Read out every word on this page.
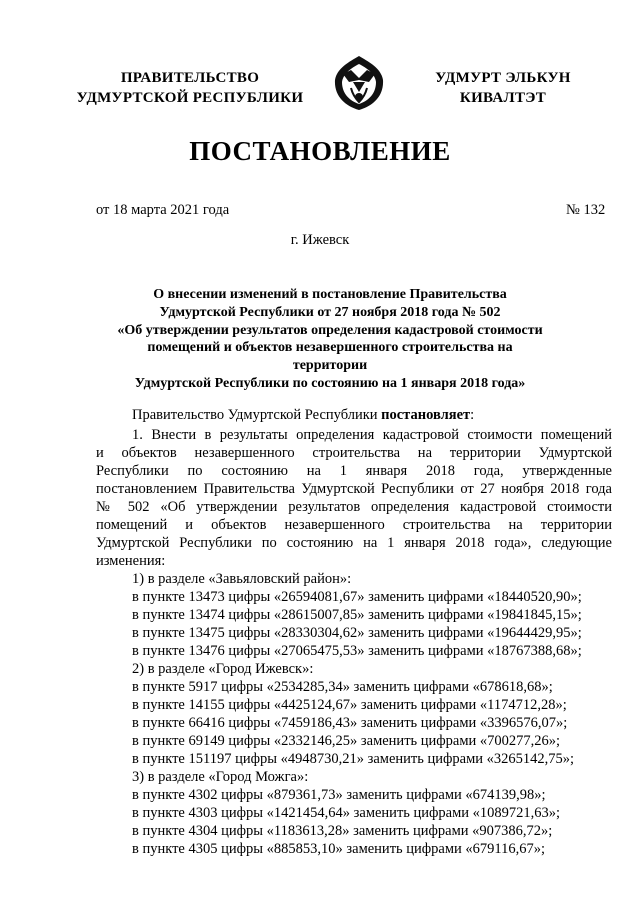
ПРАВИТЕЛЬСТВО
УДМУРТСКОЙ РЕСПУБЛИКИ
УДМУРТ ЭЛЬКУН
КИВАЛТЭТ
ПОСТАНОВЛЕНИЕ
от 18 марта 2021 года	№ 132
г. Ижевск
О внесении изменений в постановление Правительства
Удмуртской Республики от 27 ноября 2018 года № 502
«Об утверждении результатов определения кадастровой стоимости
помещений и объектов незавершенного строительства на территории
Удмуртской Республики по состоянию на 1 января 2018 года»
Правительство Удмуртской Республики постановляет:
1. Внести в результаты определения кадастровой стоимости помещений
и объектов незавершенного строительства на территории Удмуртской
Республики по состоянию на 1 января 2018 года, утвержденные
постановлением Правительства Удмуртской Республики от 27 ноября 2018 года
№ 502 «Об утверждении результатов определения кадастровой стоимости
помещений и объектов незавершенного строительства на территории
Удмуртской Республики по состоянию на 1 января 2018 года», следующие
изменения:
1) в разделе «Завьяловский район»:
в пункте 13473 цифры «26594081,67» заменить цифрами «18440520,90»;
в пункте 13474 цифры «28615007,85» заменить цифрами «19841845,15»;
в пункте 13475 цифры «28330304,62» заменить цифрами «19644429,95»;
в пункте 13476 цифры «27065475,53» заменить цифрами «18767388,68»;
2) в разделе «Город Ижевск»:
в пункте 5917 цифры «2534285,34» заменить цифрами «678618,68»;
в пункте 14155 цифры «4425124,67» заменить цифрами «1174712,28»;
в пункте 66416 цифры «7459186,43» заменить цифрами «3396576,07»;
в пункте 69149 цифры «2332146,25» заменить цифрами «700277,26»;
в пункте 151197 цифры «4948730,21» заменить цифрами «3265142,75»;
3) в разделе «Город Можга»:
в пункте 4302 цифры «879361,73» заменить цифрами «674139,98»;
в пункте 4303 цифры «1421454,64» заменить цифрами «1089721,63»;
в пункте 4304 цифры «1183613,28» заменить цифрами «907386,72»;
в пункте 4305 цифры «885853,10» заменить цифрами «679116,67»;
